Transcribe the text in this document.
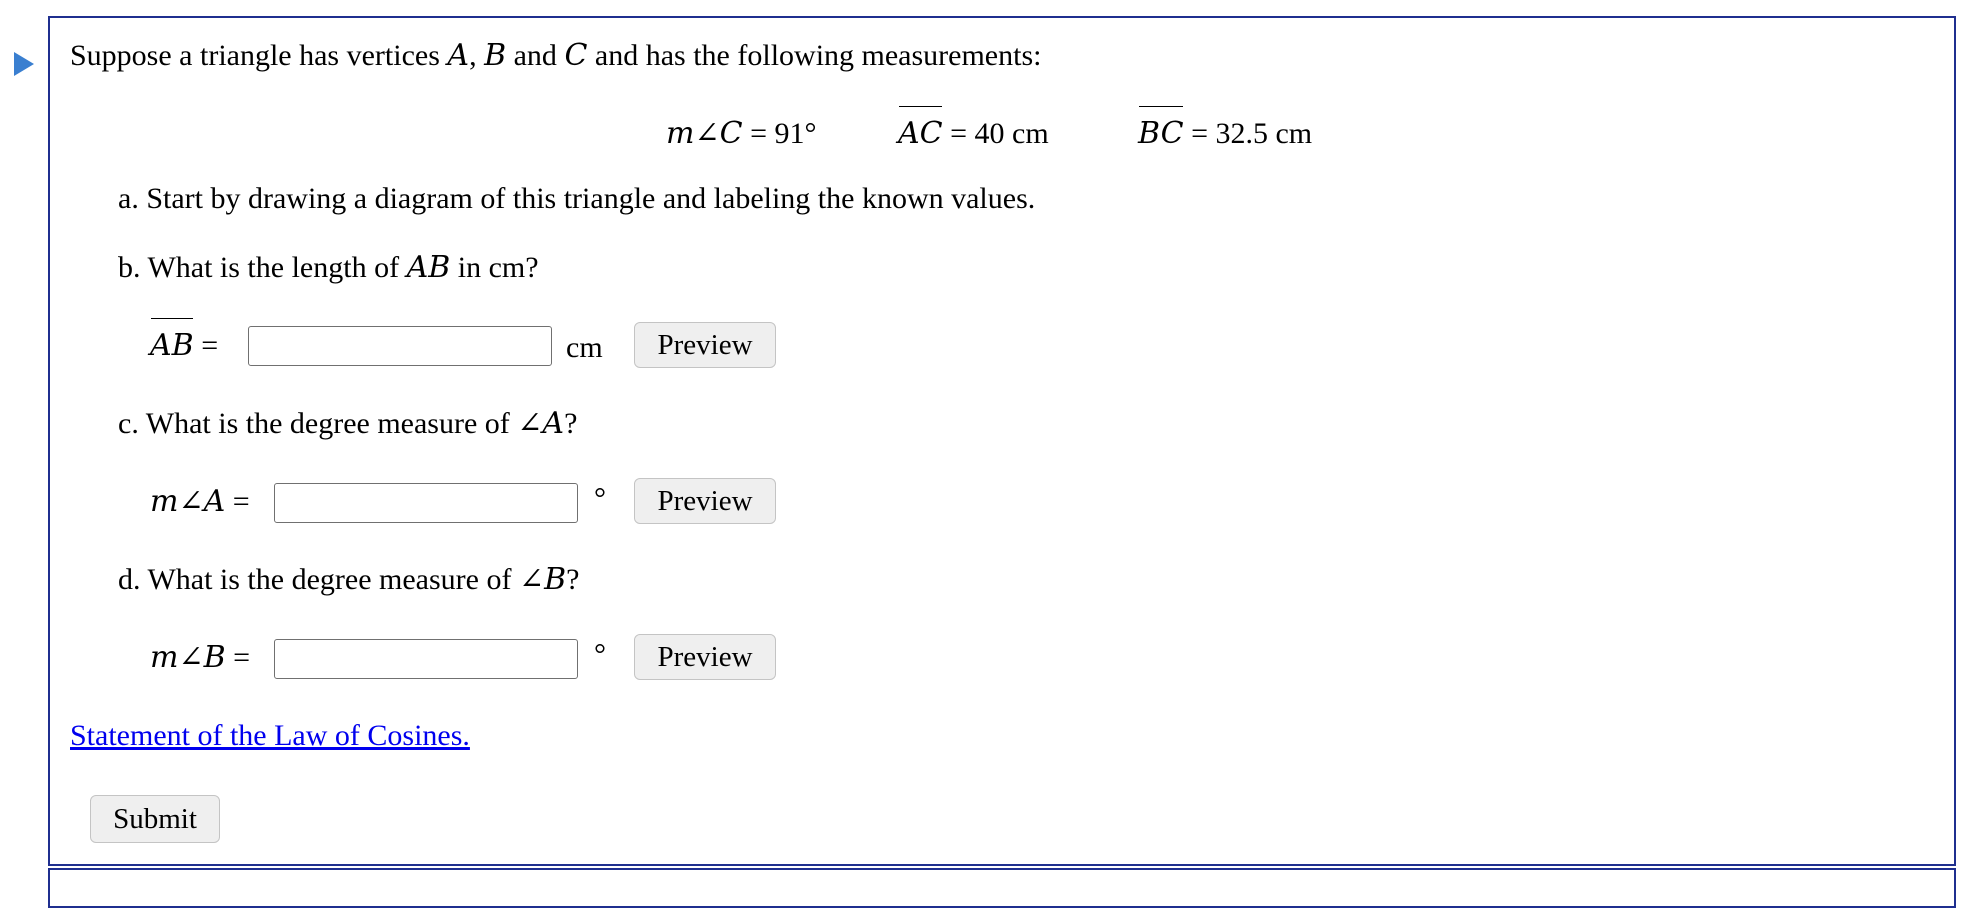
Suppose a triangle has vertices A, B and C and has the following measurements:
m∠C = 91°	AC = 40 cm	BC = 32.5 cm
a. Start by drawing a diagram of this triangle and labeling the known values.
b. What is the length of AB in cm?
AB =	cm	Preview
c. What is the degree measure of ∠A?
m∠A =	°	Preview
d. What is the degree measure of ∠B?
m∠B =	°	Preview
Statement of the Law of Cosines.
Submit
